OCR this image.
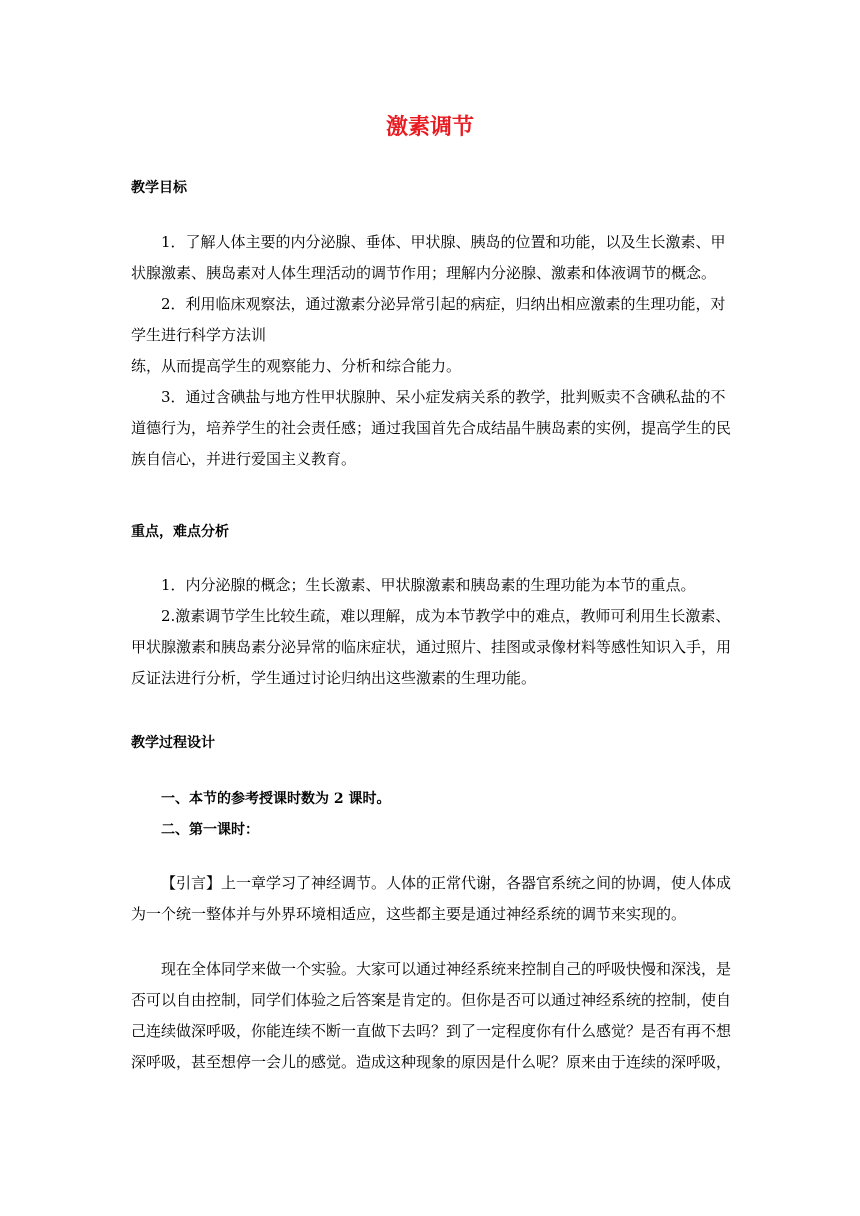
激素调节
教学目标
1．了解人体主要的内分泌腺、垂体、甲状腺、胰岛的位置和功能，以及生长激素、甲
状腺激素、胰岛素对人体生理活动的调节作用；理解内分泌腺、激素和体液调节的概念。
2．利用临床观察法，通过激素分泌异常引起的病症，归纳出相应激素的生理功能，对
学生进行科学方法训
练，从而提高学生的观察能力、分析和综合能力。
3．通过含碘盐与地方性甲状腺肿、呆小症发病关系的教学，批判贩卖不含碘私盐的不
道德行为，培养学生的社会责任感；通过我国首先合成结晶牛胰岛素的实例，提高学生的民
族自信心，并进行爱国主义教育。
重点，难点分析
1．内分泌腺的概念；生长激素、甲状腺激素和胰岛素的生理功能为本节的重点。
2.激素调节学生比较生疏，难以理解，成为本节教学中的难点，教师可利用生长激素、
甲状腺激素和胰岛素分泌异常的临床症状，通过照片、挂图或录像材料等感性知识入手，用
反证法进行分析，学生通过讨论归纳出这些激素的生理功能。
教学过程设计
一、本节的参考授课时数为 2 课时。
二、第一课时：
【引言】上一章学习了神经调节。人体的正常代谢，各器官系统之间的协调，使人体成
为一个统一整体并与外界环境相适应，这些都主要是通过神经系统的调节来实现的。
现在全体同学来做一个实验。大家可以通过神经系统来控制自己的呼吸快慢和深浅，是
否可以自由控制，同学们体验之后答案是肯定的。但你是否可以通过神经系统的控制，使自
己连续做深呼吸，你能连续不断一直做下去吗？到了一定程度你有什么感觉？是否有再不想
深呼吸，甚至想停一会儿的感觉。造成这种现象的原因是什么呢？原来由于连续的深呼吸，
